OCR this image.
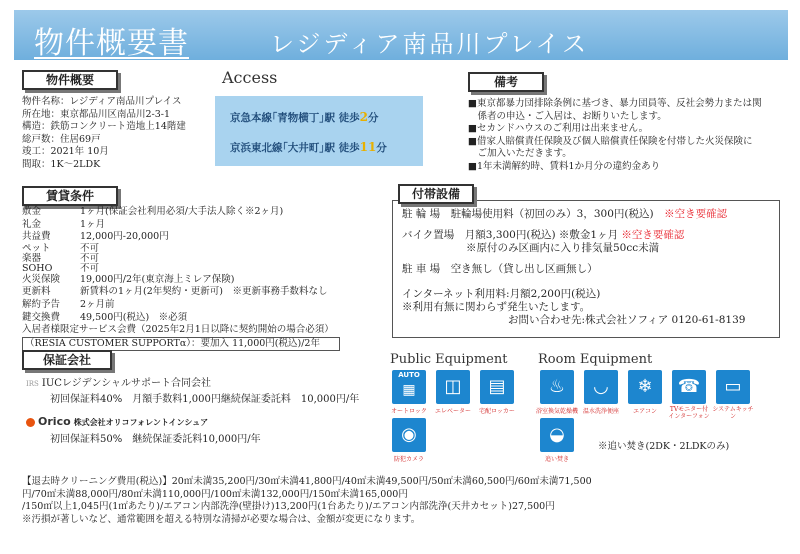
物件概要書	レジディア南品川プレイス
物件概要
物件名称：レジディア南品川プレイス
所在地：東京都品川区南品川2-3-1
構造：鉄筋コンクリート造地上14階建
総戸数：住居69戸
竣工：2021年 10月
間取：1K～2LDK
Access
京急本線｢青物横丁｣駅 徒歩2分
京浜東北線｢大井町｣駅 徒歩11分
備考
■東京都暴力団排除条例に基づき、暴力団員等、反社会勢力または関
　係者の申込・ご入居は、お断りいたします。
■セカンドハウスのご利用は出来ません。
■借家人賠償責任保険及び個人賠償責任保険を付帯した火災保険に
　ご加入いただきます。
■1年未満解約時、賃料1か月分の違約金あり
賃貸条件
敷金	1ヶ月(保証会社利用必須/大手法人除く※2ヶ月)
礼金	1ヶ月
共益費	12,000円-20,000円
ペット	不可
楽器	不可
SOHO	不可
火災保険 19,000円/2年(東京海上ミレア保険)
更新料	新賃料の1ヶ月(2年契約・更新可)　※更新事務手数料なし
解約予告 2ヶ月前
鍵交換費 49,500円(税込)　※必須
入居者様限定サービス会費（2025年2月1日以降に契約開始の場合必須）
（RESIA CUSTOMER SUPPORTα）：要加入 11,000円(税込)/2年
付帯設備
駐 輪 場　 駐輪場使用料（初回のみ）3，300円(税込)　 ※空き要確認
バイク置場　 月額3,300円(税込) ※敷金1ヶ月 ※空き要確認
※原付のみ区画内に入り排気量50cc未満
駐 車 場　 空き無し（貸し出し区画無し）
インターネット利用料:月額2,200円(税込)
※利用有無に関わらず発生いたします。
お問い合わせ先:株式会社ソフィア 0120-61-8139
保証会社
IRS IUCレジデンシャルサポート合同会社
初回保証料40%　月額手数料1,000円継続保証委託料　10,000円/年
Orico 株式会社オリコフォレントインシュア
初回保証料50%　継続保証委託料10,000円/年
Public Equipment
AUTO
▦
オートロック
◫
エレベーター
▤
宅配ロッカー
◉
防犯カメラ
Room Equipment
♨
浴室換気乾燥機
◡
温水洗浄便座
❄
エアコン
☎
TVモニター付インターフォン
▭
システムキッチン
◒
追い焚き
※追い焚き(2DK・2LDKのみ)
【退去時クリーニング費用(税込)】20㎡未満35,200円/30㎡未満41,800円/40㎡未満49,500円/50㎡未満60,500円/60㎡未満71,500
円/70㎡未満88,000円/80㎡未満110,000円/100㎡未満132,000円/150㎡未満165,000円
/150㎡以上1,045円(1㎡あたり)/エアコン内部洗浄(壁掛け)13,200円(1台あたり)/エアコン内部洗浄(天井カセット)27,500円
※汚損が著しいなど、通常範囲を超える特別な清掃が必要な場合は、金額が変更になります。
